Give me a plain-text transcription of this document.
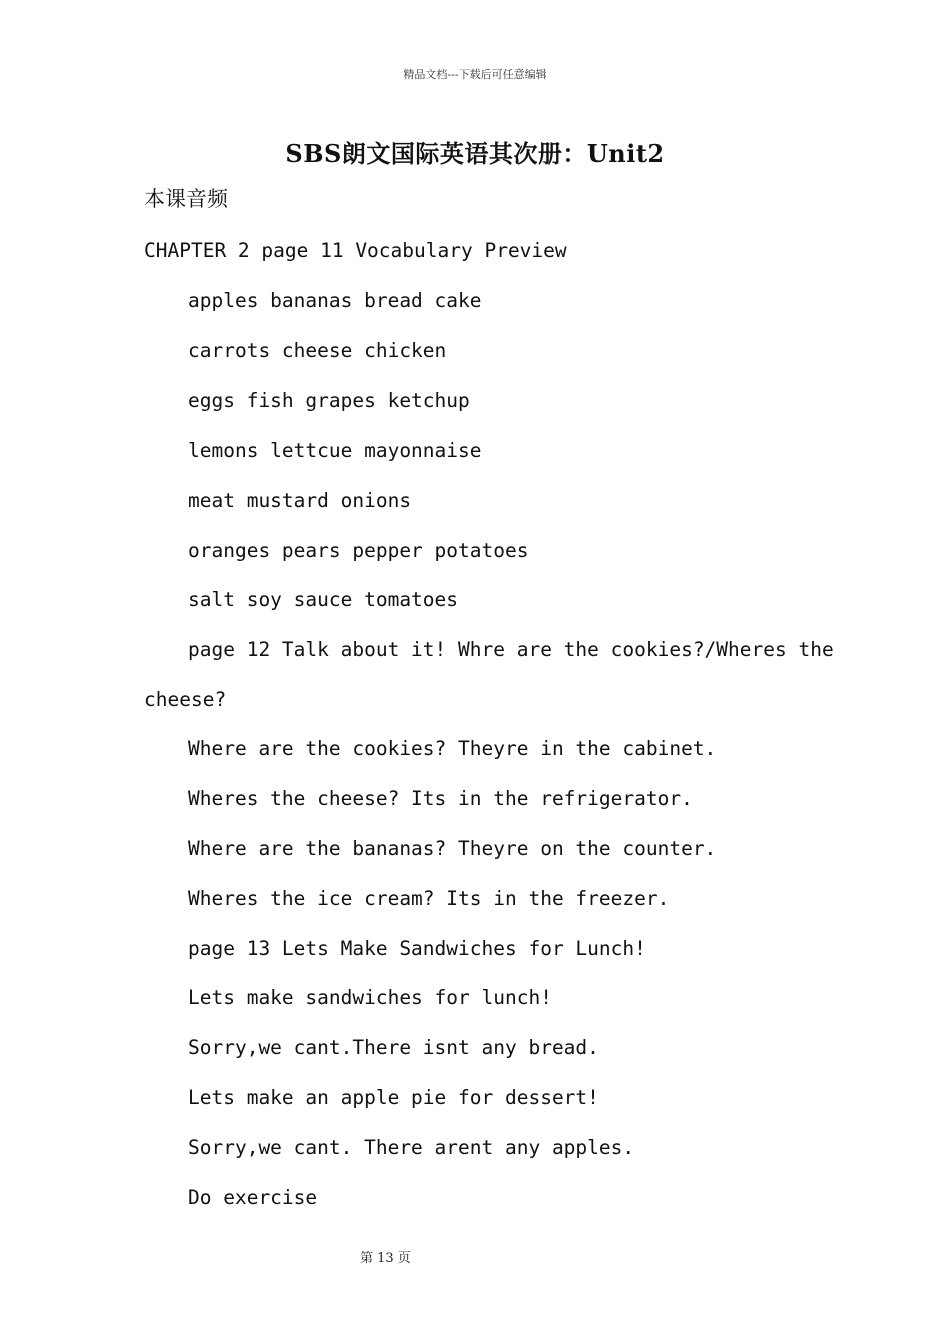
精品文档---下载后可任意编辑
SBS朗文国际英语其次册：Unit2
本课音频
CHAPTER 2 page 11 Vocabulary Preview
apples bananas bread cake
carrots cheese chicken
eggs fish grapes ketchup
lemons lettcue mayonnaise
meat mustard onions
oranges pears pepper potatoes
salt soy sauce tomatoes
page 12 Talk about it! Whre are the cookies?/Wheres the
cheese?
Where are the cookies? Theyre in the cabinet.
Wheres the cheese? Its in the refrigerator.
Where are the bananas? Theyre on the counter.
Wheres the ice cream? Its in the freezer.
page 13 Lets Make Sandwiches for Lunch!
Lets make sandwiches for lunch!
Sorry,we cant.There isnt any bread.
Lets make an apple pie for dessert!
Sorry,we cant. There arent any apples.
Do exercise
第 13 页
